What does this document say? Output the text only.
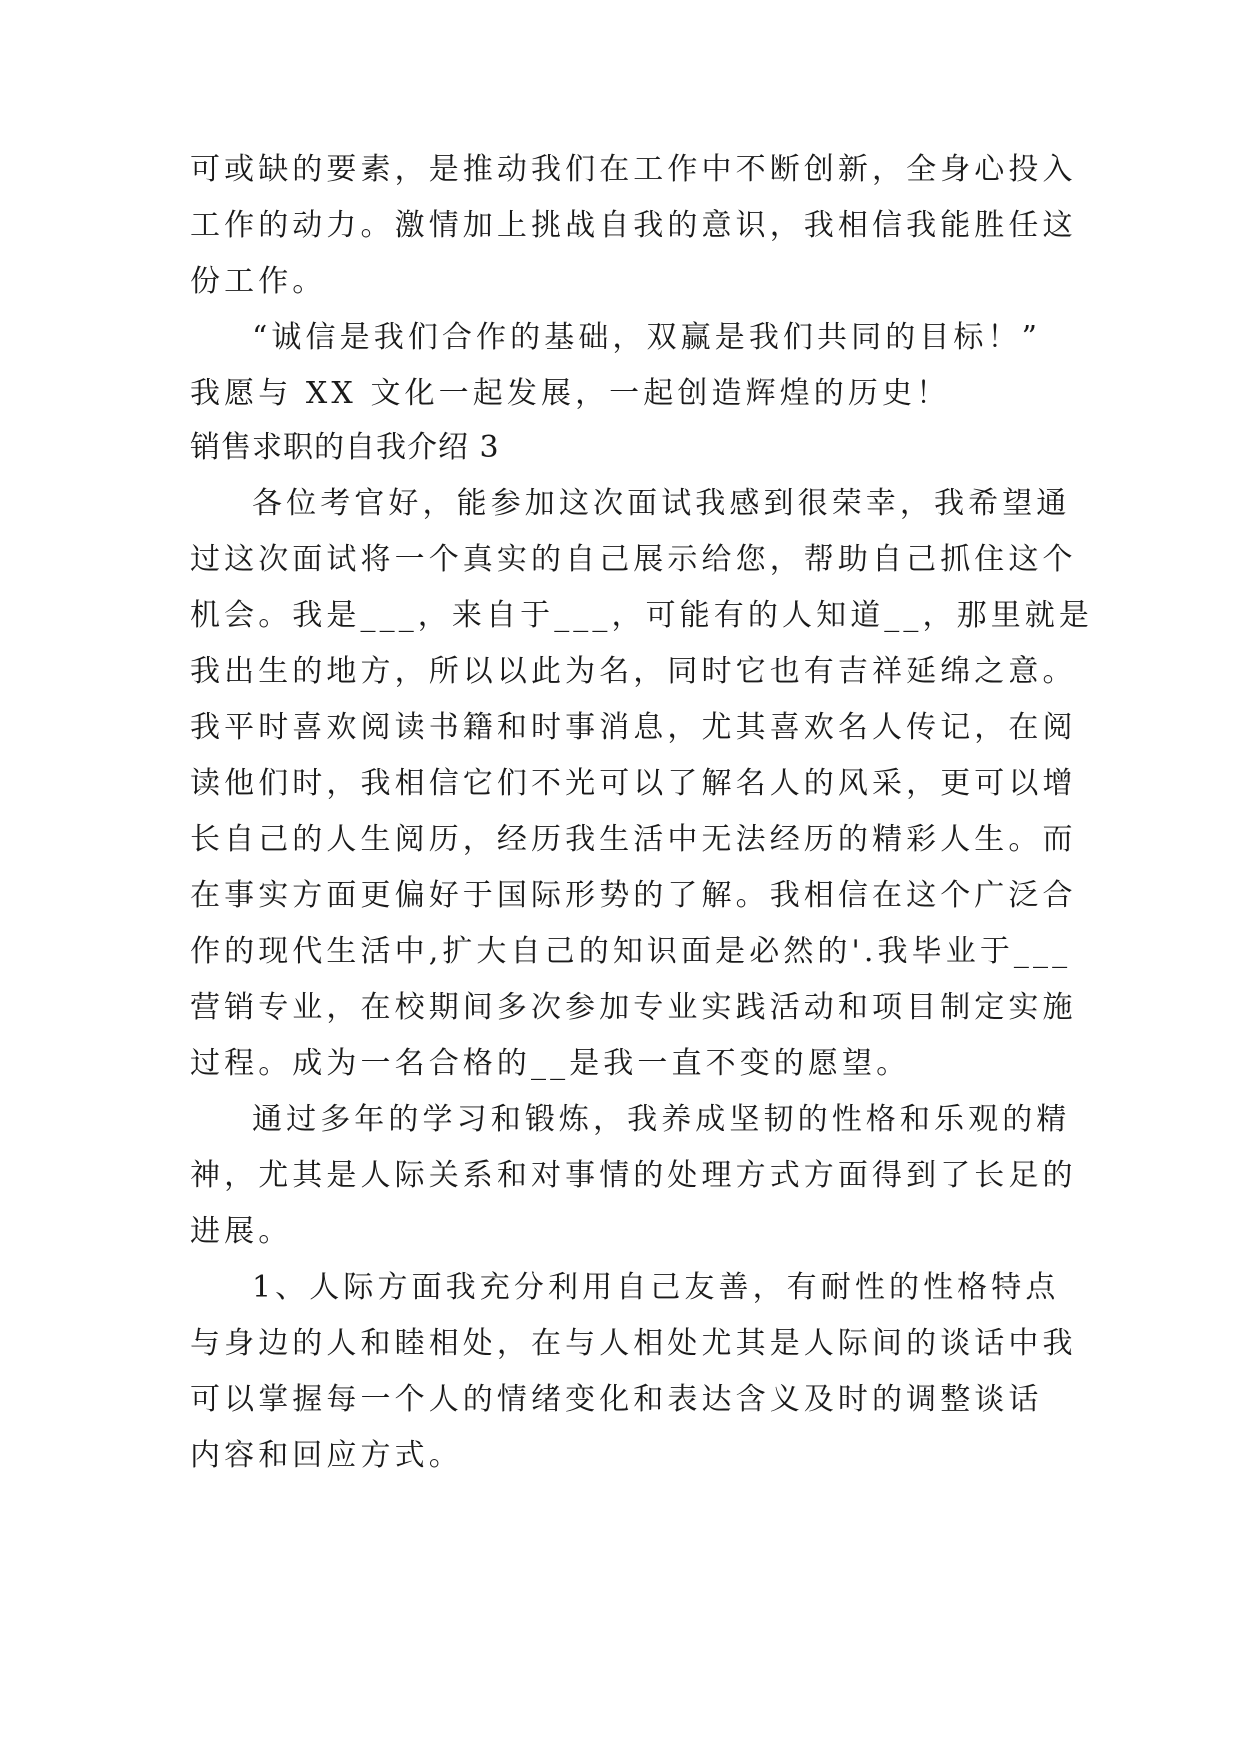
可或缺的要素，是推动我们在工作中不断创新，全身心投入

工作的动力。激情加上挑战自我的意识，我相信我能胜任这

份工作。

“诚信是我们合作的基础，双赢是我们共同的目标！”

我愿与 XX 文化一起发展，一起创造辉煌的历史！

销售求职的自我介绍 3

各位考官好，能参加这次面试我感到很荣幸，我希望通

过这次面试将一个真实的自己展示给您，帮助自己抓住这个

机会。我是___，来自于___，可能有的人知道__，那里就是

我出生的地方，所以以此为名，同时它也有吉祥延绵之意。

我平时喜欢阅读书籍和时事消息，尤其喜欢名人传记，在阅

读他们时，我相信它们不光可以了解名人的风采，更可以增

长自己的人生阅历，经历我生活中无法经历的精彩人生。而

在事实方面更偏好于国际形势的了解。我相信在这个广泛合

作的现代生活中,扩大自己的知识面是必然的'.我毕业于___

营销专业，在校期间多次参加专业实践活动和项目制定实施

过程。成为一名合格的__是我一直不变的愿望。

通过多年的学习和锻炼，我养成坚韧的性格和乐观的精

神，尤其是人际关系和对事情的处理方式方面得到了长足的

进展。

1、人际方面我充分利用自己友善，有耐性的性格特点

与身边的人和睦相处，在与人相处尤其是人际间的谈话中我

可以掌握每一个人的情绪变化和表达含义及时的调整谈话

内容和回应方式。
